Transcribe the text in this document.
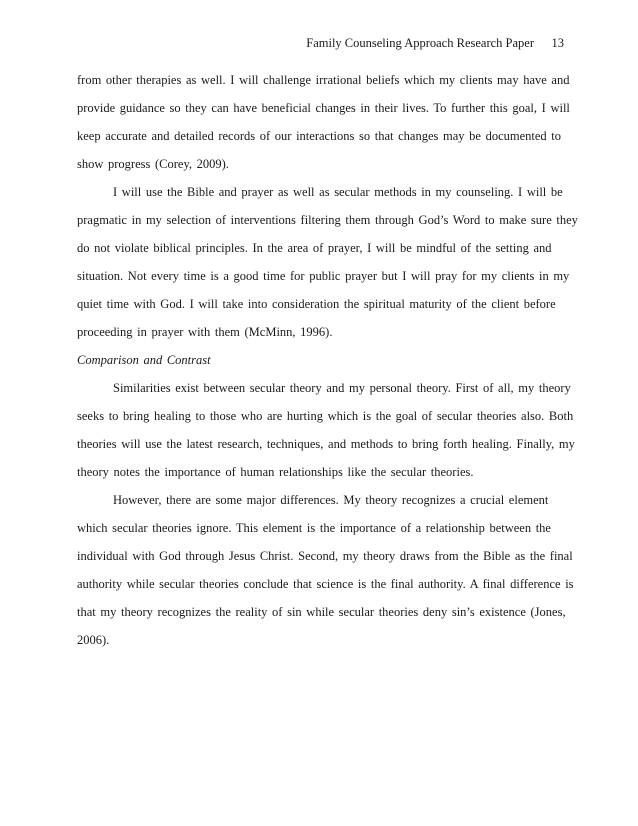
Family Counseling Approach Research Paper 13
from other therapies as well. I will challenge irrational beliefs which my clients may have and
provide guidance so they can have beneficial changes in their lives. To further this goal, I will
keep accurate and detailed records of our interactions so that changes may be documented to
show progress (Corey, 2009).
I will use the Bible and prayer as well as secular methods in my counseling. I will be
pragmatic in my selection of interventions filtering them through God’s Word to make sure they
do not violate biblical principles. In the area of prayer, I will be mindful of the setting and
situation. Not every time is a good time for public prayer but I will pray for my clients in my
quiet time with God. I will take into consideration the spiritual maturity of the client before
proceeding in prayer with them (McMinn, 1996).
Comparison and Contrast
Similarities exist between secular theory and my personal theory. First of all, my theory
seeks to bring healing to those who are hurting which is the goal of secular theories also. Both
theories will use the latest research, techniques, and methods to bring forth healing. Finally, my
theory notes the importance of human relationships like the secular theories.
However, there are some major differences. My theory recognizes a crucial element
which secular theories ignore. This element is the importance of a relationship between the
individual with God through Jesus Christ. Second, my theory draws from the Bible as the final
authority while secular theories conclude that science is the final authority. A final difference is
that my theory recognizes the reality of sin while secular theories deny sin’s existence (Jones,
2006).
